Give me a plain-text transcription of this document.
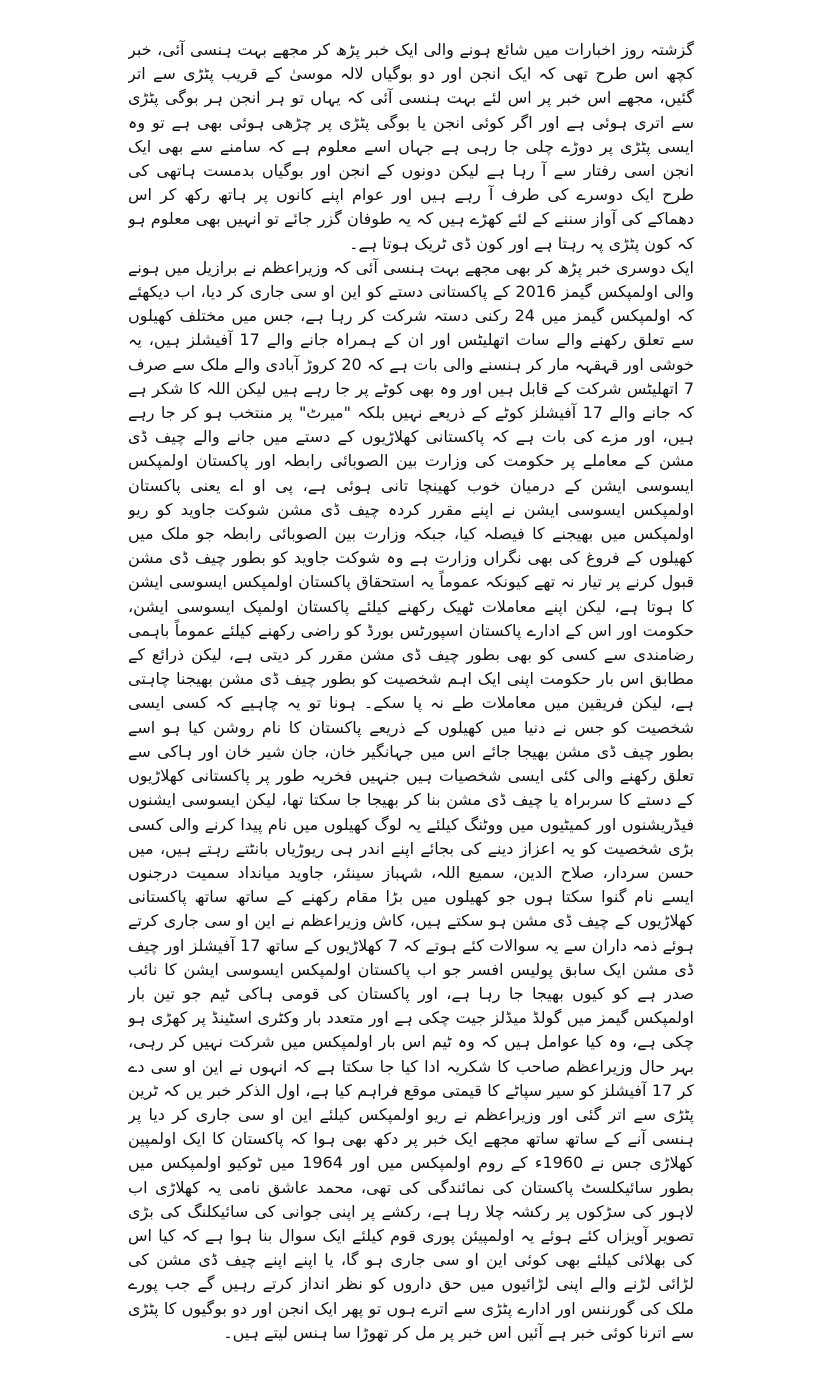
گزشتہ روز اخبارات میں شائع ہونے والی ایک خبر پڑھ کر مجھے بہت ہنسی آئی، خبر کچھ اس طرح تھی کہ ایک انجن اور دو بوگیاں لالہ موسیٰ کے قریب پٹڑی سے اتر گئیں، مجھے اس خبر پر اس لئے بہت ہنسی آئی کہ یہاں تو ہر انجن ہر بوگی پٹڑی سے اتری ہوئی ہے اور اگر کوئی انجن یا بوگی پٹڑی پر چڑھی ہوئی بھی ہے تو وہ ایسی پٹڑی پر دوڑے چلی جا رہی ہے جہاں اسے معلوم ہے کہ سامنے سے بھی ایک انجن اسی رفتار سے آ رہا ہے لیکن دونوں کے انجن اور بوگیاں بدمست ہاتھی کی طرح ایک دوسرے کی طرف آ رہے ہیں اور عوام اپنے کانوں پر ہاتھ رکھ کر اس دھماکے کی آواز سننے کے لئے کھڑے ہیں کہ یہ طوفان گزر جائے تو انہیں بھی معلوم ہو کہ کون پٹڑی پہ رہتا ہے اور کون ڈی ٹریک ہوتا ہے۔

ایک دوسری خبر پڑھ کر بھی مجھے بہت ہنسی آئی کہ وزیراعظم نے برازیل میں ہونے والی اولمپکس گیمز 2016 کے پاکستانی دستے کو این او سی جاری کر دیا، اب دیکھئے کہ اولمپکس گیمز میں 24 رکنی دستہ شرکت کر رہا ہے، جس میں مختلف کھیلوں سے تعلق رکھنے والے سات اتھلیٹس اور ان کے ہمراہ جانے والے 17 آفیشلز ہیں، یہ خوشی اور قہقہہ مار کر ہنسنے والی بات ہے کہ 20 کروڑ آبادی والے ملک سے صرف 7 اتھلیٹس شرکت کے قابل ہیں اور وہ بھی کوٹے پر جا رہے ہیں لیکن اللہ کا شکر ہے کہ جانے والے 17 آفیشلز کوٹے کے ذریعے نہیں بلکہ "میرٹ" پر منتخب ہو کر جا رہے ہیں، اور مزے کی بات ہے کہ پاکستانی کھلاڑیوں کے دستے میں جانے والے چیف ڈی مشن کے معاملے پر حکومت کی وزارت بین الصوبائی رابطہ اور پاکستان اولمپکس ایسوسی ایشن کے درمیان خوب کھینچا تانی ہوئی ہے، پی او اے یعنی پاکستان اولمپکس ایسوسی ایشن نے اپنے مقرر کردہ چیف ڈی مشن شوکت جاوید کو ریو اولمپکس میں بھیجنے کا فیصلہ کیا، جبکہ وزارت بین الصوبائی رابطہ جو ملک میں کھیلوں کے فروغ کی بھی نگراں وزارت ہے وہ شوکت جاوید کو بطور چیف ڈی مشن قبول کرنے پر تیار نہ تھے کیونکہ عموماً یہ استحقاق پاکستان اولمپکس ایسوسی ایشن کا ہوتا ہے، لیکن اپنے معاملات ٹھیک رکھنے کیلئے پاکستان اولمپک ایسوسی ایشن، حکومت اور اس کے ادارے پاکستان اسپورٹس بورڈ کو راضی رکھنے کیلئے عموماً باہمی رضامندی سے کسی کو بھی بطور چیف ڈی مشن مقرر کر دیتی ہے، لیکن ذرائع کے مطابق اس بار حکومت اپنی ایک اہم شخصیت کو بطور چیف ڈی مشن بھیجنا چاہتی ہے، لیکن فریقین میں معاملات طے نہ پا سکے۔ ہونا تو یہ چاہیے کہ کسی ایسی شخصیت کو جس نے دنیا میں کھیلوں کے ذریعے پاکستان کا نام روشن کیا ہو اسے بطور چیف ڈی مشن بھیجا جائے اس میں جہانگیر خان، جان شیر خان اور ہاکی سے تعلق رکھنے والی کئی ایسی شخصیات ہیں جنہیں فخریہ طور پر پاکستانی کھلاڑیوں کے دستے کا سربراہ یا چیف ڈی مشن بنا کر بھیجا جا سکتا تھا، لیکن ایسوسی ایشنوں فیڈریشنوں اور کمیٹیوں میں ووٹنگ کیلئے یہ لوگ کھیلوں میں نام پیدا کرنے والی کسی بڑی شخصیت کو یہ اعزاز دینے کی بجائے اپنے اندر ہی ریوڑیاں بانٹتے رہتے ہیں، میں حسن سردار، صلاح الدین، سمیع اللہ، شہباز سینئر، جاوید میانداد سمیت درجنوں ایسے نام گنوا سکتا ہوں جو کھیلوں میں بڑا مقام رکھنے کے ساتھ ساتھ پاکستانی کھلاڑیوں کے چیف ڈی مشن ہو سکتے ہیں، کاش وزیراعظم نے این او سی جاری کرتے ہوئے ذمہ داران سے یہ سوالات کئے ہوتے کہ 7 کھلاڑیوں کے ساتھ 17 آفیشلز اور چیف ڈی مشن ایک سابق پولیس افسر جو اب پاکستان اولمپکس ایسوسی ایشن کا نائب صدر ہے کو کیوں بھیجا جا رہا ہے، اور پاکستان کی قومی ہاکی ٹیم جو تین بار اولمپکس گیمز میں گولڈ میڈلز جیت چکی ہے اور متعدد بار وکٹری اسٹینڈ پر کھڑی ہو چکی ہے، وہ کیا عوامل ہیں کہ وہ ٹیم اس بار اولمپکس میں شرکت نہیں کر رہی، بہر حال وزیراعظم صاحب کا شکریہ ادا کیا جا سکتا ہے کہ انہوں نے این او سی دے کر 17 آفیشلز کو سیر سپاٹے کا قیمتی موقع فراہم کیا ہے، اول الذکر خبر یں کہ ٹرین پٹڑی سے اتر گئی اور وزیراعظم نے ریو اولمپکس کیلئے این او سی جاری کر دیا پر ہنسی آنے کے ساتھ ساتھ مجھے ایک خبر پر دکھ بھی ہوا کہ پاکستان کا ایک اولمپین کھلاڑی جس نے 1960ء کے روم اولمپکس میں اور 1964 میں ٹوکیو اولمپکس میں بطور سائیکلسٹ پاکستان کی نمائندگی کی تھی، محمد عاشق نامی یہ کھلاڑی اب لاہور کی سڑکوں پر رکشہ چلا رہا ہے، رکشے پر اپنی جوانی کی سائیکلنگ کی بڑی تصویر آویزاں کئے ہوئے یہ اولمپیئن پوری قوم کیلئے ایک سوال بنا ہوا ہے کہ کیا اس کی بھلائی کیلئے بھی کوئی این او سی جاری ہو گا، یا اپنے اپنے چیف ڈی مشن کی لڑائی لڑنے والے اپنی لڑائیوں میں حق داروں کو نظر انداز کرتے رہیں گے جب پورے ملک کی گورننس اور ادارے پٹڑی سے اترے ہوں تو پھر ایک انجن اور دو بوگیوں کا پٹڑی سے اترنا کوئی خبر ہے آئیں اس خبر پر مل کر تھوڑا سا ہنس لیتے ہیں۔
